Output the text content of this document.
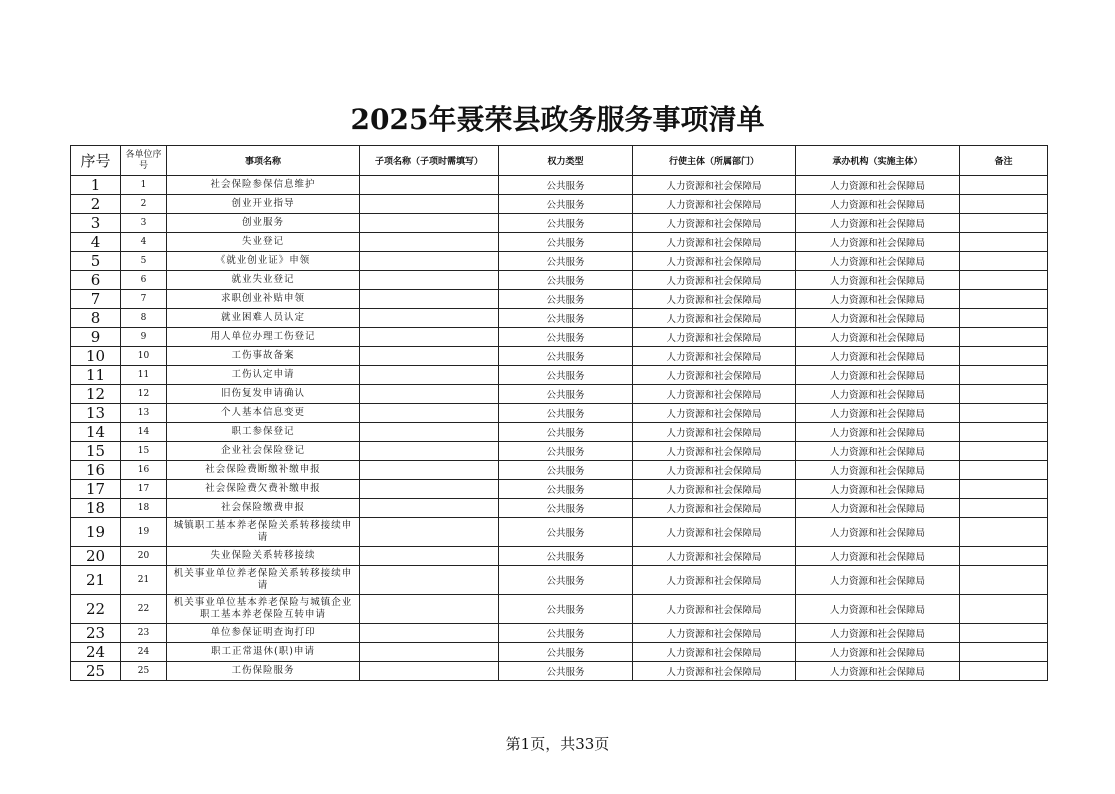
2025年聂荣县政务服务事项清单
序号	各单位序号	事项名称	子项名称（子项时需填写）	权力类型	行使主体（所属部门）	承办机构（实施主体）	备注
1	1	社会保险参保信息维护		公共服务	人力资源和社会保障局	人力资源和社会保障局	
2	2	创业开业指导		公共服务	人力资源和社会保障局	人力资源和社会保障局	
3	3	创业服务		公共服务	人力资源和社会保障局	人力资源和社会保障局	
4	4	失业登记		公共服务	人力资源和社会保障局	人力资源和社会保障局	
5	5	《就业创业证》申领		公共服务	人力资源和社会保障局	人力资源和社会保障局	
6	6	就业失业登记		公共服务	人力资源和社会保障局	人力资源和社会保障局	
7	7	求职创业补贴申领		公共服务	人力资源和社会保障局	人力资源和社会保障局	
8	8	就业困难人员认定		公共服务	人力资源和社会保障局	人力资源和社会保障局	
9	9	用人单位办理工伤登记		公共服务	人力资源和社会保障局	人力资源和社会保障局	
10	10	工伤事故备案		公共服务	人力资源和社会保障局	人力资源和社会保障局	
11	11	工伤认定申请		公共服务	人力资源和社会保障局	人力资源和社会保障局	
12	12	旧伤复发申请确认		公共服务	人力资源和社会保障局	人力资源和社会保障局	
13	13	个人基本信息变更		公共服务	人力资源和社会保障局	人力资源和社会保障局	
14	14	职工参保登记		公共服务	人力资源和社会保障局	人力资源和社会保障局	
15	15	企业社会保险登记		公共服务	人力资源和社会保障局	人力资源和社会保障局	
16	16	社会保险费断缴补缴申报		公共服务	人力资源和社会保障局	人力资源和社会保障局	
17	17	社会保险费欠费补缴申报		公共服务	人力资源和社会保障局	人力资源和社会保障局	
18	18	社会保险缴费申报		公共服务	人力资源和社会保障局	人力资源和社会保障局	
19	19	城镇职工基本养老保险关系转移接续申请		公共服务	人力资源和社会保障局	人力资源和社会保障局	
20	20	失业保险关系转移接续		公共服务	人力资源和社会保障局	人力资源和社会保障局	
21	21	机关事业单位养老保险关系转移接续申请		公共服务	人力资源和社会保障局	人力资源和社会保障局	
22	22	机关事业单位基本养老保险与城镇企业职工基本养老保险互转申请		公共服务	人力资源和社会保障局	人力资源和社会保障局	
23	23	单位参保证明查询打印		公共服务	人力资源和社会保障局	人力资源和社会保障局	
24	24	职工正常退休(职)申请		公共服务	人力资源和社会保障局	人力资源和社会保障局	
25	25	工伤保险服务		公共服务	人力资源和社会保障局	人力资源和社会保障局	
第1页，共33页
